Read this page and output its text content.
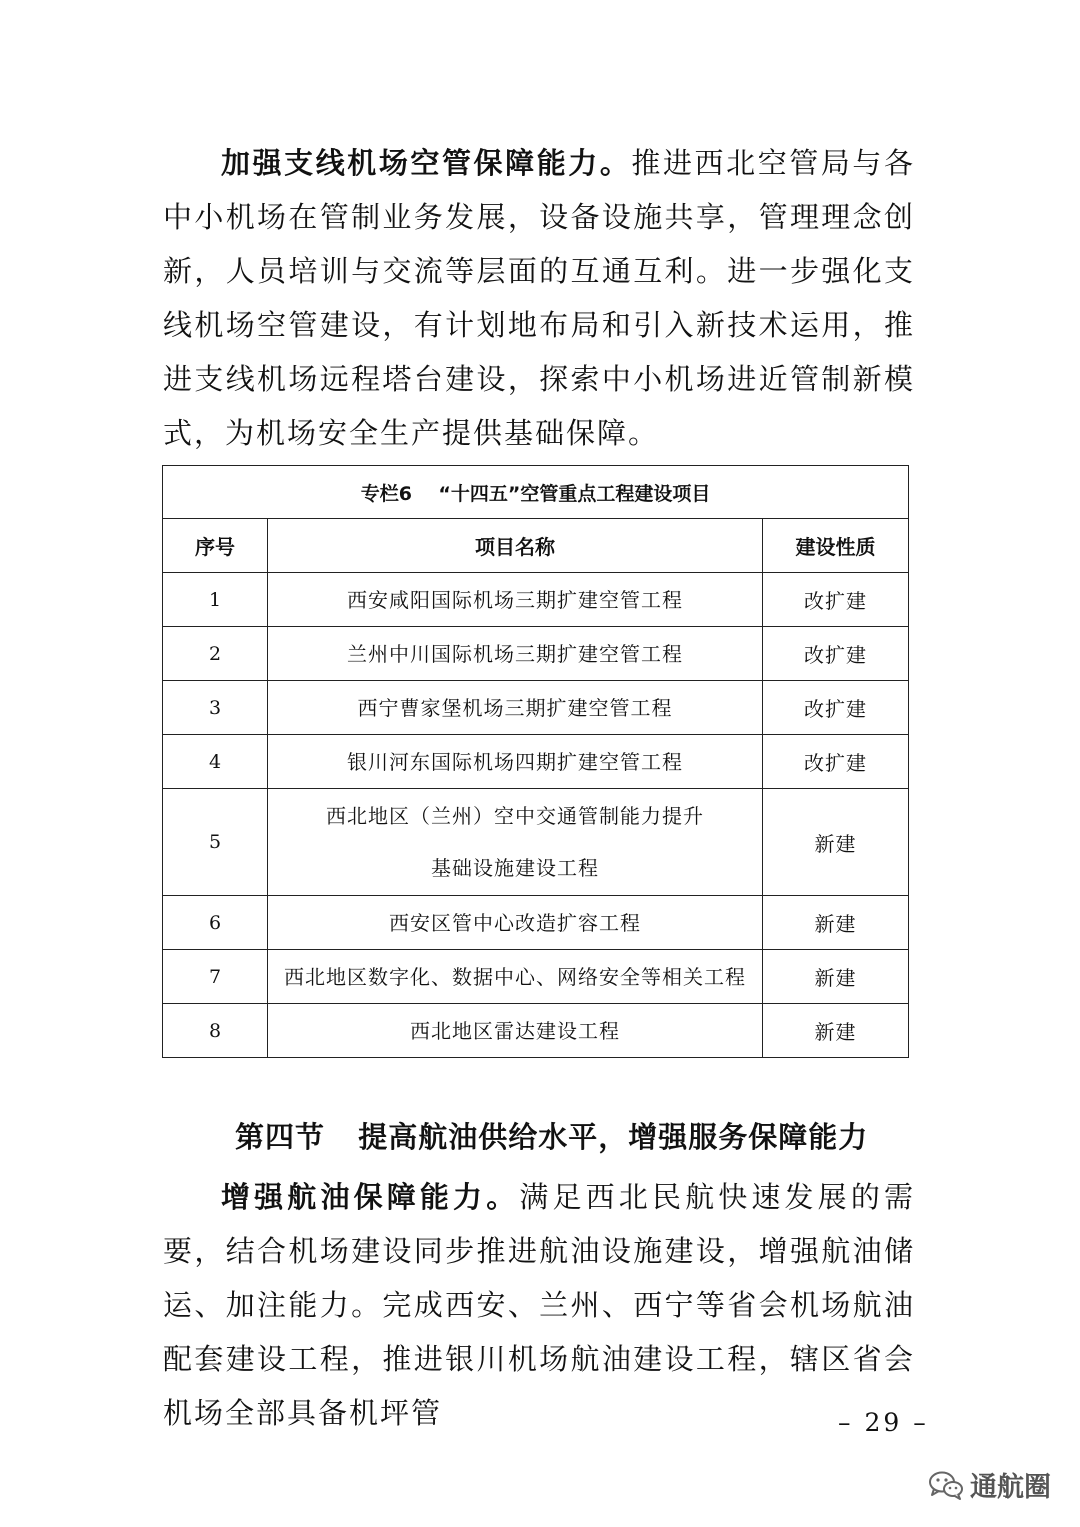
加强支线机场空管保障能力。推进西北空管局与各中小机场在管制业务发展，设备设施共享，管理理念创新，人员培训与交流等层面的互通互利。进一步强化支线机场空管建设，有计划地布局和引入新技术运用，推进支线机场远程塔台建设，探索中小机场进近管制新模式，为机场安全生产提供基础保障。

专栏6    “十四五”空管重点工程建设项目		
序号	项目名称	建设性质
1	西安咸阳国际机场三期扩建空管工程	改扩建
2	兰州中川国际机场三期扩建空管工程	改扩建
3	西宁曹家堡机场三期扩建空管工程	改扩建
4	银川河东国际机场四期扩建空管工程	改扩建
5	西北地区（兰州）空中交通管制能力提升
基础设施建设工程	新建
6	西安区管中心改造扩容工程	新建
7	西北地区数字化、数据中心、网络安全等相关工程	新建
8	西北地区雷达建设工程	新建
第四节   提高航油供给水平，增强服务保障能力

增强航油保障能力。满足西北民航快速发展的需要，结合机场建设同步推进航油设施建设，增强航油储运、加注能力。完成西安、兰州、西宁等省会机场航油配套建设工程，推进银川机场航油建设工程，辖区省会机场全部具备机坪管	– 29 –
通航圈
